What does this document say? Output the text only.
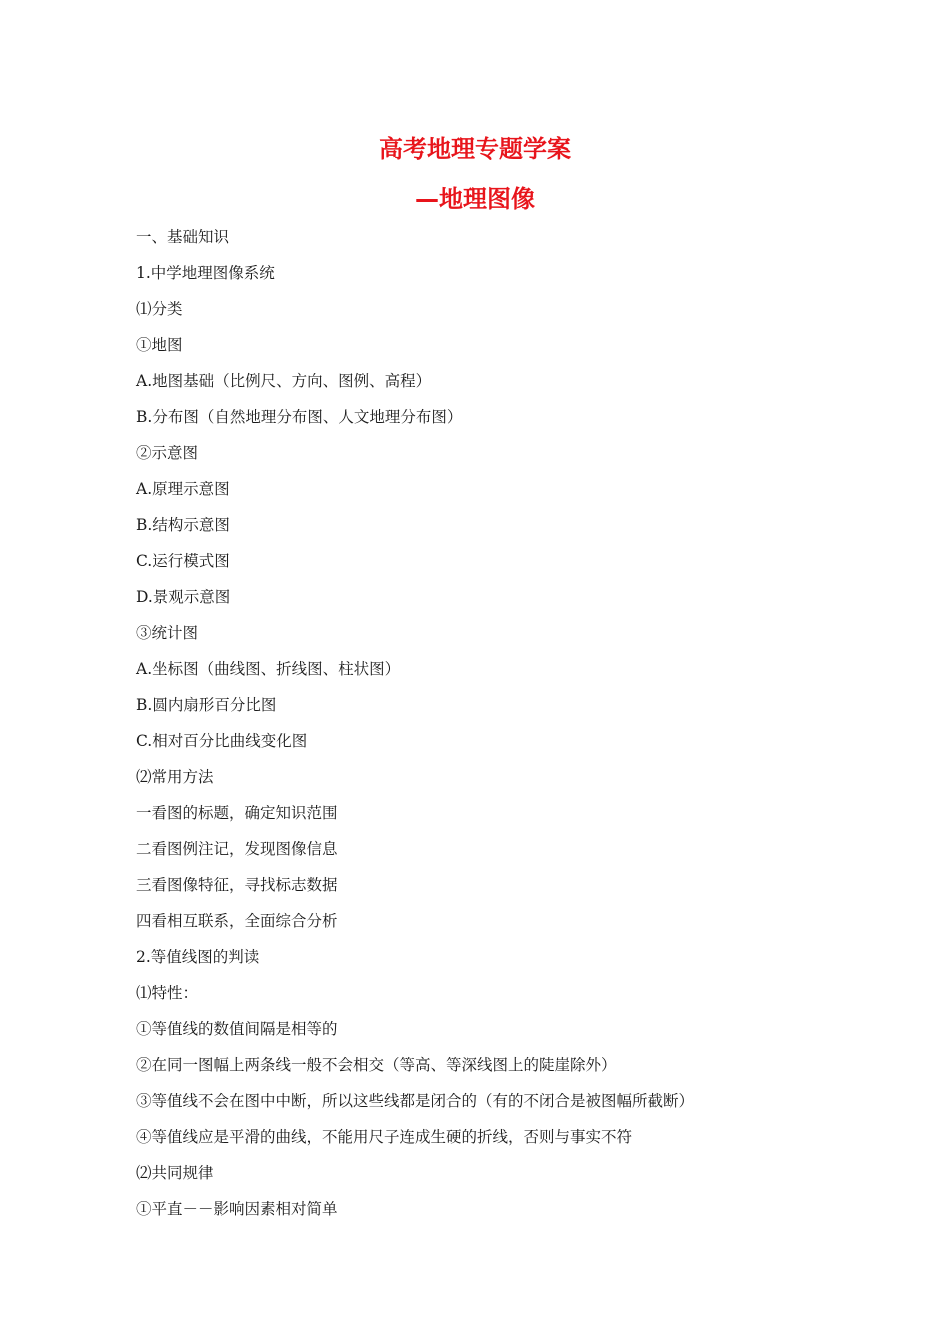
高考地理专题学案
—地理图像
一、基础知识
1.中学地理图像系统
⑴分类
①地图
A.地图基础（比例尺、方向、图例、高程）
B.分布图（自然地理分布图、人文地理分布图）
②示意图
A.原理示意图
B.结构示意图
C.运行模式图
D.景观示意图
③统计图
A.坐标图（曲线图、折线图、柱状图）
B.圆内扇形百分比图
C.相对百分比曲线变化图
⑵常用方法
一看图的标题，确定知识范围
二看图例注记，发现图像信息
三看图像特征，寻找标志数据
四看相互联系，全面综合分析
2.等值线图的判读
⑴特性：
①等值线的数值间隔是相等的
②在同一图幅上两条线一般不会相交（等高、等深线图上的陡崖除外）
③等值线不会在图中中断，所以这些线都是闭合的（有的不闭合是被图幅所截断）
④等值线应是平滑的曲线，不能用尺子连成生硬的折线，否则与事实不符
⑵共同规律
①平直－－影响因素相对简单
